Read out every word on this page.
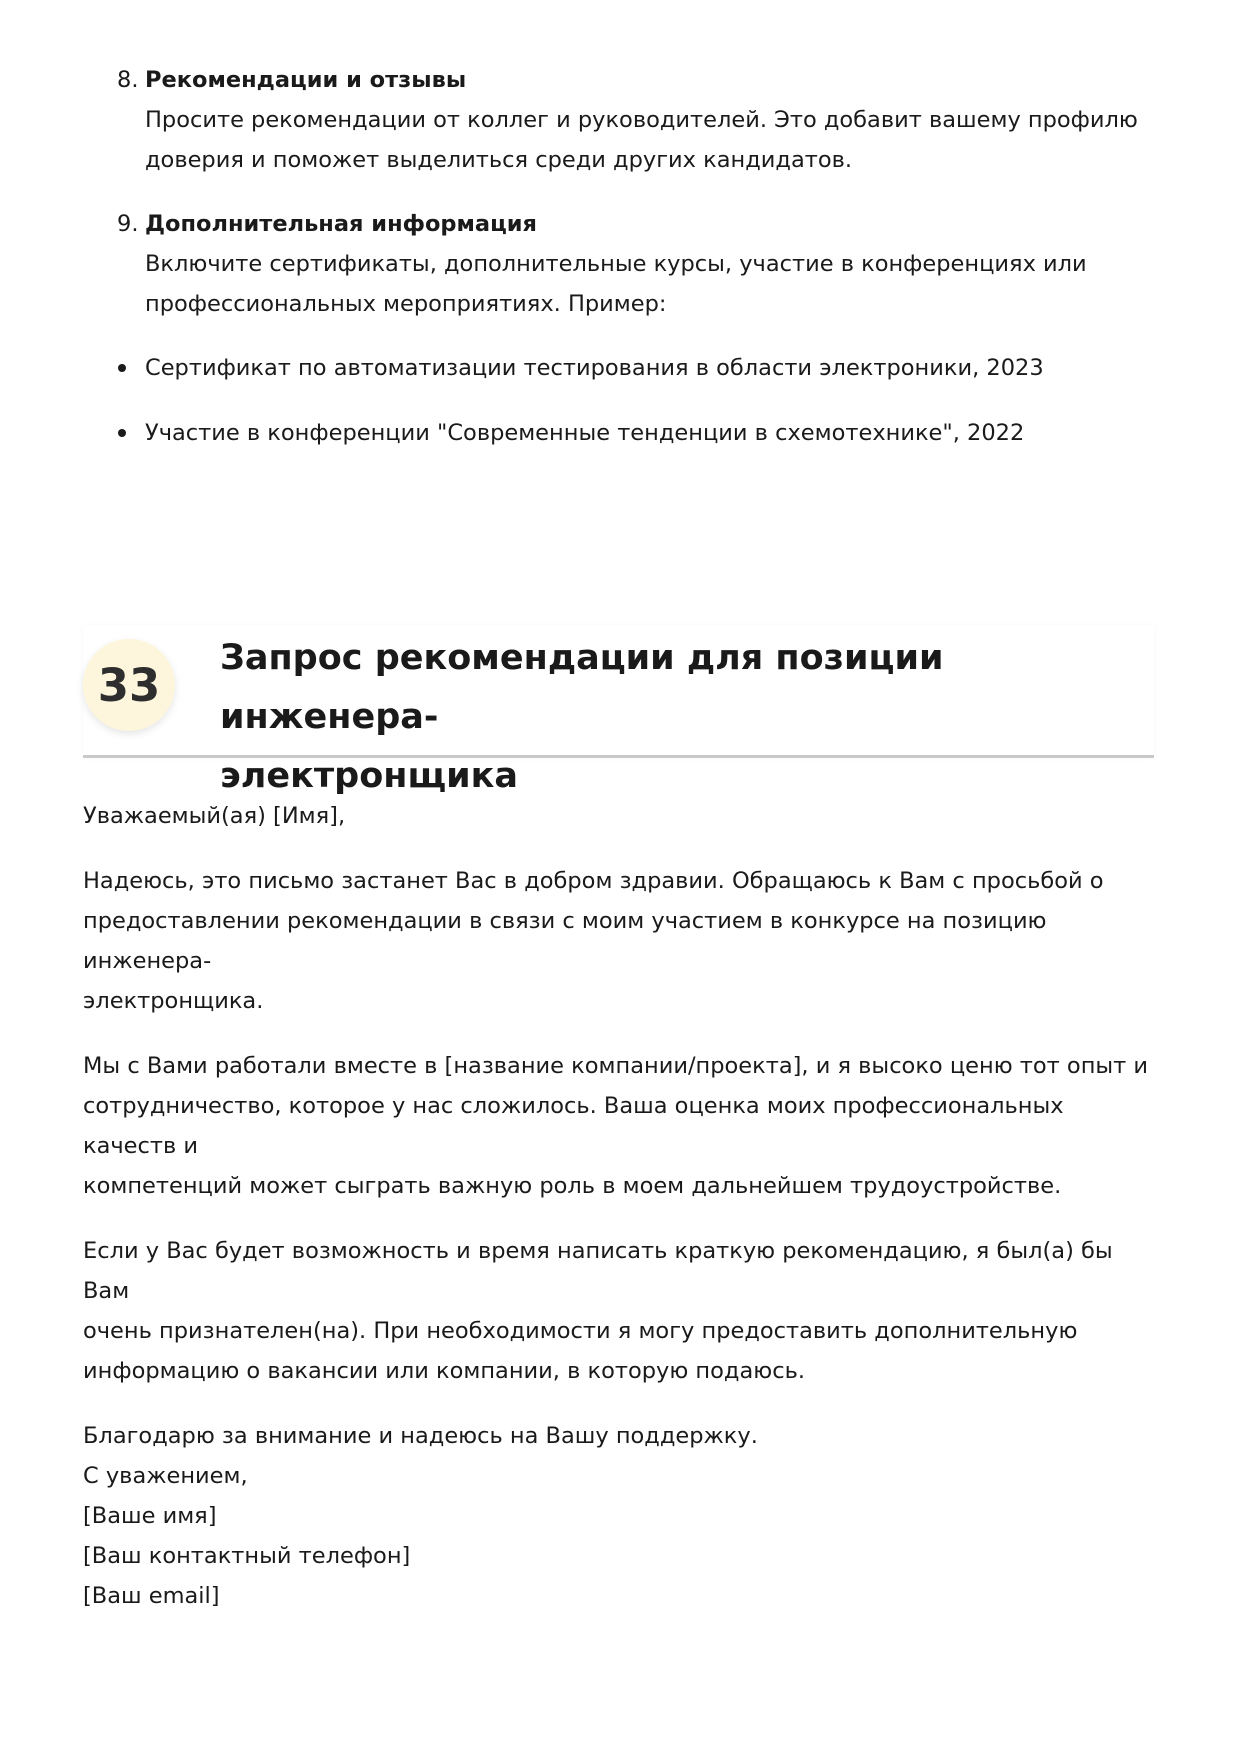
8. Рекомендации и отзывы

Просите рекомендации от коллег и руководителей. Это добавит вашему профилю
доверия и поможет выделиться среди других кандидатов.

9. Дополнительная информация

Включите сертификаты, дополнительные курсы, участие в конференциях или
профессиональных мероприятиях. Пример:

Сертификат по автоматизации тестирования в области электроники, 2023
Участие в конференции "Современные тенденции в схемотехнике", 2022
33
Запрос рекомендации для позиции инженера-
электронщика

Уважаемый(ая) [Имя],

Надеюсь, это письмо застанет Вас в добром здравии. Обращаюсь к Вам с просьбой о
предоставлении рекомендации в связи с моим участием в конкурсе на позицию инженера-
электронщика.

Мы с Вами работали вместе в [название компании/проекта], и я высоко ценю тот опыт и
сотрудничество, которое у нас сложилось. Ваша оценка моих профессиональных качеств и
компетенций может сыграть важную роль в моем дальнейшем трудоустройстве.

Если у Вас будет возможность и время написать краткую рекомендацию, я был(а) бы Вам
очень признателен(на). При необходимости я могу предоставить дополнительную
информацию о вакансии или компании, в которую подаюсь.

Благодарю за внимание и надеюсь на Вашу поддержку.
С уважением,
[Ваше имя]
[Ваш контактный телефон]
[Ваш email]
